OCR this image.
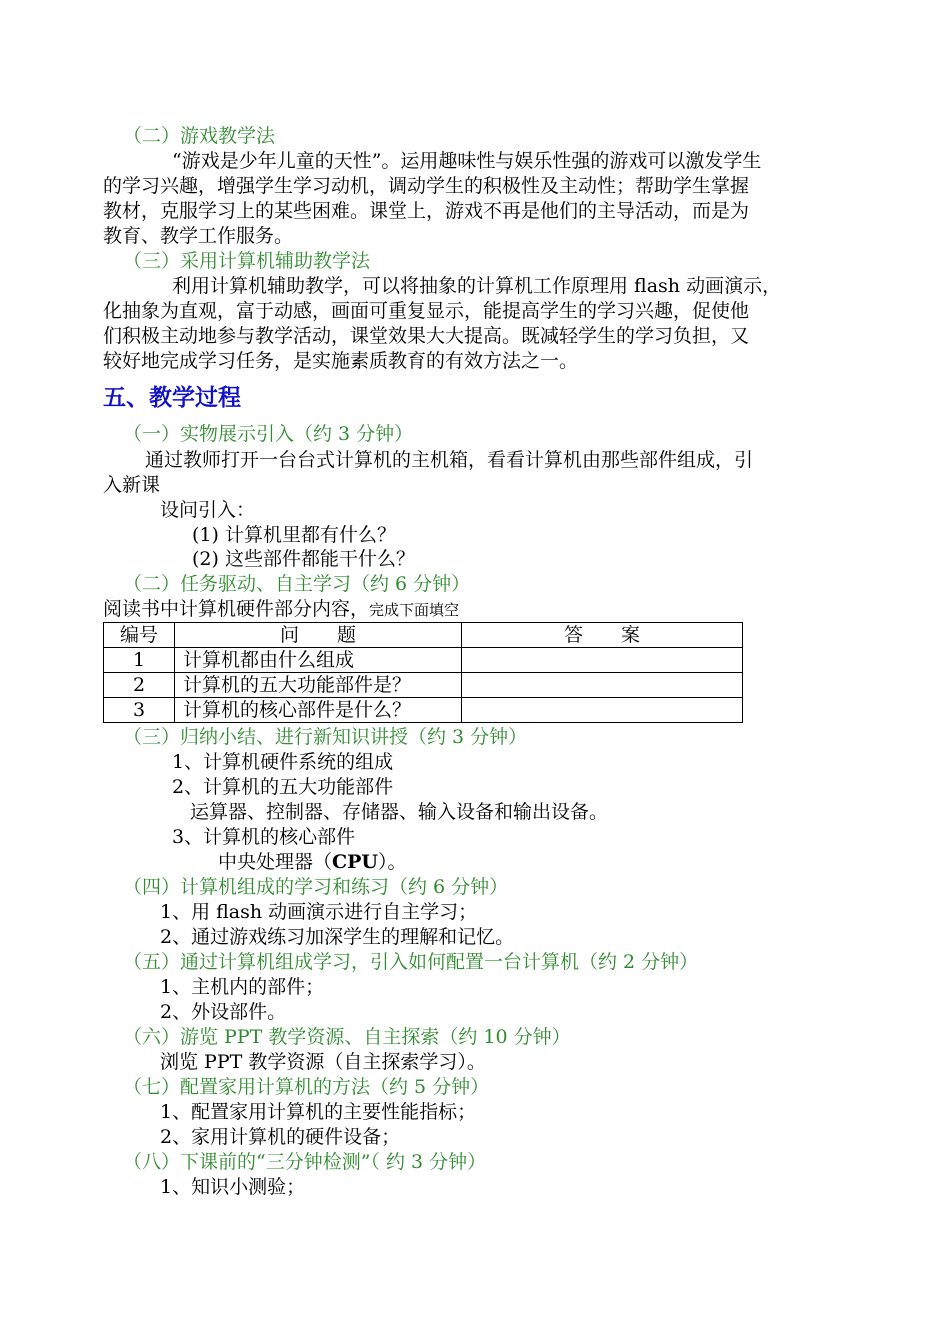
（二）游戏教学法
“游戏是少年儿童的天性”。运用趣味性与娱乐性强的游戏可以激发学生
的学习兴趣，增强学生学习动机，调动学生的积极性及主动性；帮助学生掌握
教材，克服学习上的某些困难。课堂上，游戏不再是他们的主导活动，而是为
教育、教学工作服务。
（三）采用计算机辅助教学法
利用计算机辅助教学，可以将抽象的计算机工作原理用 flash 动画演示，
化抽象为直观，富于动感，画面可重复显示，能提高学生的学习兴趣，促使他
们积极主动地参与教学活动，课堂效果大大提高。既减轻学生的学习负担，又
较好地完成学习任务，是实施素质教育的有效方法之一。
五、教学过程
（一）实物展示引入（约 3 分钟）
通过教师打开一台台式计算机的主机箱，看看计算机由那些部件组成，引
入新课
设问引入：
(1) 计算机里都有什么？
(2) 这些部件都能干什么？
（二）任务驱动、自主学习（约 6 分钟）
阅读书中计算机硬件部分内容，完成下面填空
编号	问　　题	答　　案
1	计算机都由什么组成	
2	计算机的五大功能部件是？	
3	计算机的核心部件是什么？	
（三）归纳小结、进行新知识讲授（约 3 分钟）
1、计算机硬件系统的组成
2、计算机的五大功能部件
运算器、控制器、存储器、输入设备和输出设备。
3、计算机的核心部件
中央处理器（CPU）。
（四）计算机组成的学习和练习（约 6 分钟）
1、用 flash 动画演示进行自主学习；
2、通过游戏练习加深学生的理解和记忆。
（五）通过计算机组成学习，引入如何配置一台计算机（约 2 分钟）
1、主机内的部件；
2、外设部件。
（六）游览 PPT 教学资源、自主探索（约 10 分钟）
浏览 PPT 教学资源（自主探索学习）。
（七）配置家用计算机的方法（约 5 分钟）
1、配置家用计算机的主要性能指标；
2、家用计算机的硬件设备；
（八）下课前的“三分钟检测”（ 约 3 分钟）
1、知识小测验；
